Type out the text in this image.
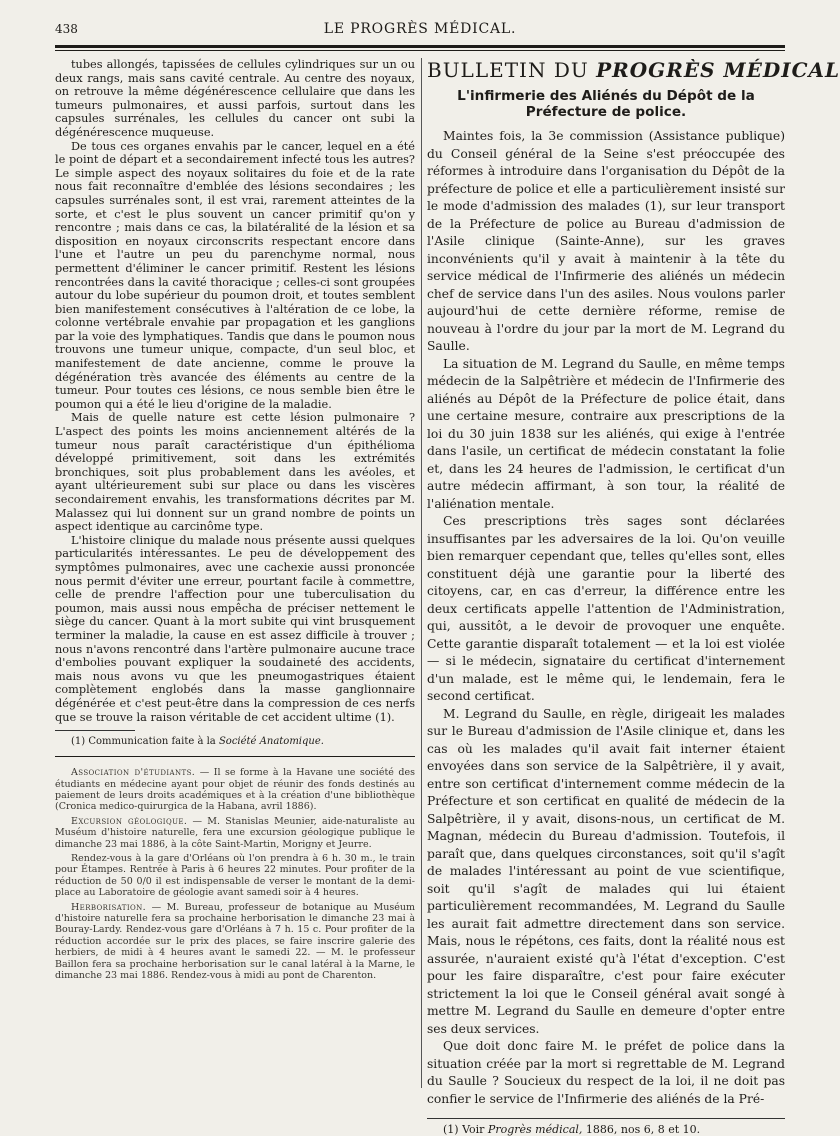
438	LE PROGRÈS MÉDICAL.

tubes allongés, tapissées de cellules cylindriques sur un ou deux rangs, mais sans cavité centrale. Au centre des noyaux, on retrouve la même dégénérescence cellulaire que dans les tumeurs pulmonaires, et aussi parfois, surtout dans les capsules surrénales, les cellules du cancer ont subi la dégénérescence muqueuse.

De tous ces organes envahis par le cancer, lequel en a été le point de départ et a secondairement infecté tous les autres? Le simple aspect des noyaux solitaires du foie et de la rate nous fait reconnaître d'emblée des lésions secondaires ; les capsules surrénales sont, il est vrai, rarement atteintes de la sorte, et c'est le plus souvent un cancer primitif qu'on y rencontre ; mais dans ce cas, la bilatéralité de la lésion et sa disposition en noyaux circonscrits respectant encore dans l'une et l'autre un peu du parenchyme normal, nous permettent d'éliminer le cancer primitif. Restent les lésions rencontrées dans la cavité thoracique ; celles-ci sont groupées autour du lobe supérieur du poumon droit, et toutes semblent bien manifestement consécutives à l'altération de ce lobe, la colonne vertébrale envahie par propagation et les ganglions par la voie des lymphatiques. Tandis que dans le poumon nous trouvons une tumeur unique, compacte, d'un seul bloc, et manifestement de date ancienne, comme le prouve la dégénération très avancée des éléments au centre de la tumeur. Pour toutes ces lésions, ce nous semble bien être le poumon qui a été le lieu d'origine de la maladie.

Mais de quelle nature est cette lésion pulmonaire ? L'aspect des points les moins anciennement altérés de la tumeur nous paraît caractéristique d'un épithélioma développé primitivement, soit dans les extrémités bronchiques, soit plus probablement dans les avéoles, et ayant ultérieurement subi sur place ou dans les viscères secondairement envahis, les transformations décrites par M. Malassez qui lui donnent sur un grand nombre de points un aspect identique au carcinôme type.

L'histoire clinique du malade nous présente aussi quelques particularités intéressantes. Le peu de développement des symptômes pulmonaires, avec une cachexie aussi prononcée nous permit d'éviter une erreur, pourtant facile à commettre, celle de prendre l'affection pour une tuberculisation du poumon, mais aussi nous empêcha de préciser nettement le siège du cancer. Quant à la mort subite qui vint brusquement terminer la maladie, la cause en est assez difficile à trouver ; nous n'avons rencontré dans l'artère pulmonaire aucune trace d'embolies pouvant expliquer la soudaineté des accidents, mais nous avons vu que les pneumogastriques étaient complètement englobés dans la masse ganglionnaire dégénérée et c'est peut-être dans la compression de ces nerfs que se trouve la raison véritable de cet accident ultime (1).

(1) Communication faite à la Société Anatomique.

Association d'étudiants. — Il se forme à la Havane une société des étudiants en médecine ayant pour objet de réunir des fonds destinés au paiement de leurs droits académiques et à la création d'une bibliothèque (Cronica medico-quirurgica de la Habana, avril 1886).

Excursion géologique. — M. Stanislas Meunier, aide-naturaliste au Muséum d'histoire naturelle, fera une excursion géologique publique le dimanche 23 mai 1886, à la côte Saint-Martin, Morigny et Jeurre.

Rendez-vous à la gare d'Orléans où l'on prendra à 6 h. 30 m., le train pour Étampes. Rentrée à Paris à 6 heures 22 minutes. Pour profiter de la réduction de 50 0/0 il est indispensable de verser le montant de la demi-place au Laboratoire de géologie avant samedi soir à 4 heures.

Herborisation. — M. Bureau, professeur de botanique au Muséum d'histoire naturelle fera sa prochaine herborisation le dimanche 23 mai à Bouray-Lardy. Rendez-vous gare d'Orléans à 7 h. 15 c. Pour profiter de la réduction accordée sur le prix des places, se faire inscrire galerie des herbiers, de midi à 4 heures avant le samedi 22. — M. le professeur Baillon fera sa prochaine herborisation sur le canal latéral à la Marne, le dimanche 23 mai 1886. Rendez-vous à midi au pont de Charenton.

BULLETIN DU PROGRÈS MÉDICAL
L'infirmerie des Aliénés du Dépôt de la Préfecture de police.

Maintes fois, la 3e commission (Assistance publique) du Conseil général de la Seine s'est préoccupée des réformes à introduire dans l'organisation du Dépôt de la préfecture de police et elle a particulièrement insisté sur le mode d'admission des malades (1), sur leur transport de la Préfecture de police au Bureau d'admission de l'Asile clinique (Sainte-Anne), sur les graves inconvénients qu'il y avait à maintenir à la tête du service médical de l'Infirmerie des aliénés un médecin chef de service dans l'un des asiles. Nous voulons parler aujourd'hui de cette dernière réforme, remise de nouveau à l'ordre du jour par la mort de M. Legrand du Saulle.

La situation de M. Legrand du Saulle, en même temps médecin de la Salpêtrière et médecin de l'Infirmerie des aliénés au Dépôt de la Préfecture de police était, dans une certaine mesure, contraire aux prescriptions de la loi du 30 juin 1838 sur les aliénés, qui exige à l'entrée dans l'asile, un certificat de médecin constatant la folie et, dans les 24 heures de l'admission, le certificat d'un autre médecin affirmant, à son tour, la réalité de l'aliénation mentale.

Ces prescriptions très sages sont déclarées insuffisantes par les adversaires de la loi. Qu'on veuille bien remarquer cependant que, telles qu'elles sont, elles constituent déjà une garantie pour la liberté des citoyens, car, en cas d'erreur, la différence entre les deux certificats appelle l'attention de l'Administration, qui, aussitôt, a le devoir de provoquer une enquête. Cette garantie disparaît totalement — et la loi est violée — si le médecin, signataire du certificat d'internement d'un malade, est le même qui, le lendemain, fera le second certificat.

M. Legrand du Saulle, en règle, dirigeait les malades sur le Bureau d'admission de l'Asile clinique et, dans les cas où les malades qu'il avait fait interner étaient envoyées dans son service de la Salpêtrière, il y avait, entre son certificat d'internement comme médecin de la Préfecture et son certificat en qualité de médecin de la Salpêtrière, il y avait, disons-nous, un certificat de M. Magnan, médecin du Bureau d'admission. Toutefois, il paraît que, dans quelques circonstances, soit qu'il s'agît de malades l'intéressant au point de vue scientifique, soit qu'il s'agît de malades qui lui étaient particulièrement recommandées, M. Legrand du Saulle les aurait fait admettre directement dans son service. Mais, nous le répétons, ces faits, dont la réalité nous est assurée, n'auraient existé qu'à l'état d'exception. C'est pour les faire disparaître, c'est pour faire exécuter strictement la loi que le Conseil général avait songé à mettre M. Legrand du Saulle en demeure d'opter entre ses deux services.

Que doit donc faire M. le préfet de police dans la situation créée par la mort si regrettable de M. Legrand du Saulle ? Soucieux du respect de la loi, il ne doit pas confier le service de l'Infirmerie des aliénés de la Pré-

(1) Voir Progrès médical, 1886, nos 6, 8 et 10.
